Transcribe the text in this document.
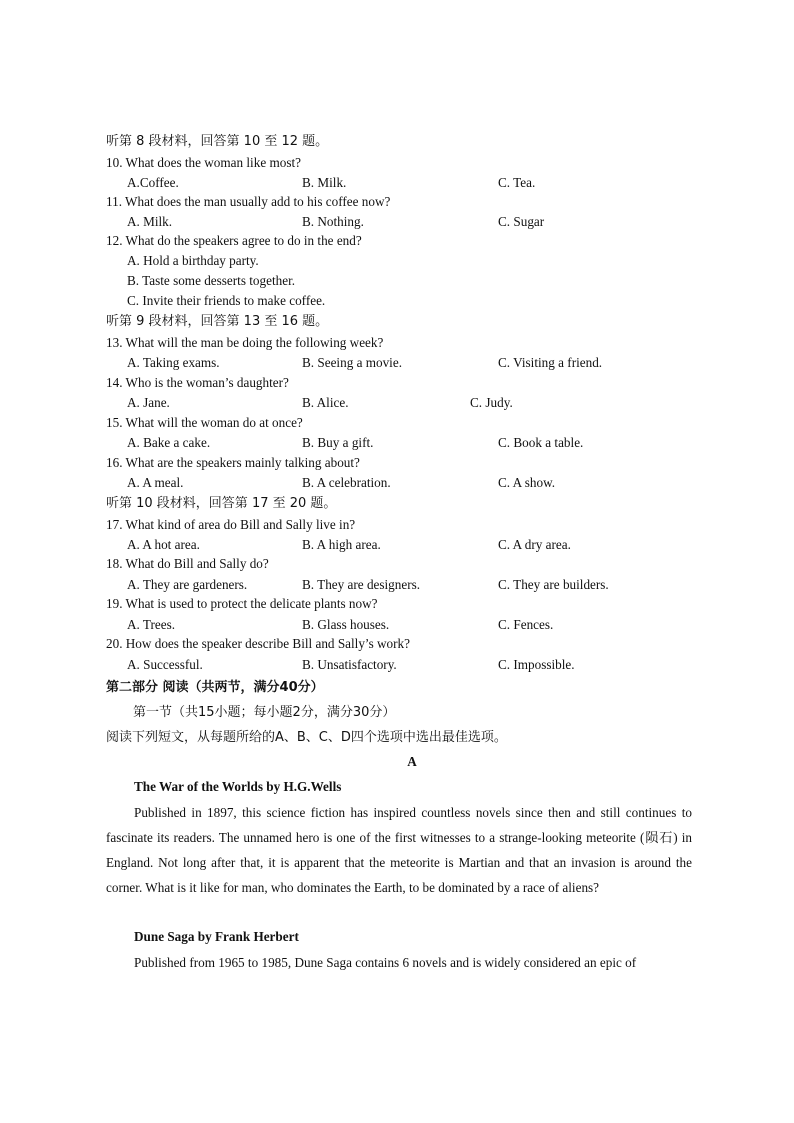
听第 8 段材料，回答第 10 至 12 题。
10. What does the woman like most?
A.Coffee.	B. Milk.	C. Tea.
11. What does the man usually add to his coffee now?
A. Milk.	B. Nothing.	C. Sugar
12. What do the speakers agree to do in the end?
A. Hold a birthday party.
B. Taste some desserts together.
C. Invite their friends to make coffee.
听第 9 段材料，回答第 13 至 16 题。
13. What will the man be doing the following week?
A. Taking exams.	B. Seeing a movie.	C. Visiting a friend.
14. Who is the woman’s daughter?
A. Jane.	B. Alice.	C. Judy.
15. What will the woman do at once?
A. Bake a cake.	B. Buy a gift.	C. Book a table.
16. What are the speakers mainly talking about?
A. A meal.	B. A celebration.	C. A show.
听第 10 段材料，回答第 17 至 20 题。
17. What kind of area do Bill and Sally live in?
A. A hot area.	B. A high area.	C. A dry area.
18. What do Bill and Sally do?
A. They are gardeners.	B. They are designers.	C. They are builders.
19. What is used to protect the delicate plants now?
A. Trees.	B. Glass houses.	C. Fences.
20. How does the speaker describe Bill and Sally’s work?
A. Successful.	B. Unsatisfactory.	C. Impossible.
第二部分 阅读（共两节，满分40分）
第一节（共15小题；每小题2分，满分30分）
阅读下列短文，从每题所给的A、B、C、D四个选项中选出最佳选项。
A
The War of the Worlds by H.G.Wells
Published in 1897, this science fiction has inspired countless novels since then and still continues to fascinate its readers. The unnamed hero is one of the first witnesses to a strange-looking meteorite (陨石) in England. Not long after that, it is apparent that the meteorite is Martian and that an invasion is around the corner. What is it like for man, who dominates the Earth, to be dominated by a race of aliens?
Dune Saga by Frank Herbert
Published from 1965 to 1985, Dune Saga contains 6 novels and is widely considered an epic of
